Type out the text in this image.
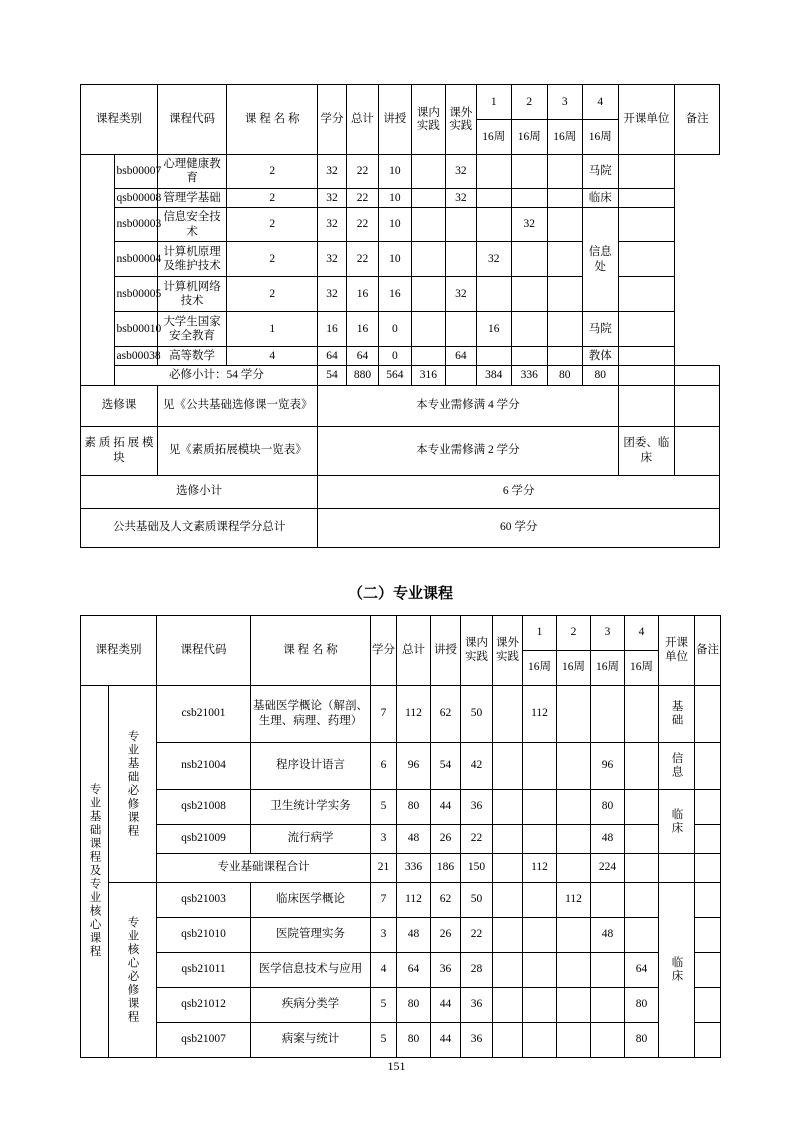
课程类别		课程代码	课 程 名 称	学分	总计	讲授	课内实践	课外实践	1	2	3	4	开课单位	备注
									16周	16周	16周	16周		
	bsb00007	心理健康教育	2	32	22	10		32				马院		
	qsb00008	管理学基础	2	32	22	10		32				临床		
	nsb00003	信息安全技术	2	32	22	10				32		信息处		
	nsb00004	计算机原理及维护技术	2	32	22	10			32					
	nsb00005	计算机网络技术	2	32	16	16		32						
	bsb00010	大学生国家安全教育	1	16	16	0			16			马院		
	asb00038	高等数学	4	64	64	0		64				教体		
	必修小计：54 学分			54	880	564	316		384	336	80	80		
选修课		见《公共基础选修课一览表》		本专业需修满 4 学分										
素 质 拓 展 模 块		见《素质拓展模块一览表》		本专业需修满 2 学分									团委、临床	
选修小计				6 学分										
公共基础及人文素质课程学分总计				60 学分										
（二）专业课程
课程类别		课程代码	课 程 名 称	学分	总计	讲授	课内实践	课外实践	1	2	3	4	开课单位	备注
									16周	16周	16周	16周		

专业基础课程及专业核心课程	专业基础必修课程	csb21001	基础医学概论（解剖、生理、病理、药理）	7	112	62	50		112				基础	

		nsb21004	程序设计语言	6	96	54	42				96		信息	

		qsb21008	卫生统计学实务	5	80	44	36				80		临床	

		qsb21009	流行病学	3	48	26	22				48			
		专业基础课程合计		21	336	186	150		112		224			

	专业核心必修课程	qsb21003	临床医学概论	7	112	62	50			112			临床	

		qsb21010	医院管理实务	3	48	26	22				48			
		qsb21011	医学信息技术与应用	4	64	36	28					64		
		qsb21012	疾病分类学	5	80	44	36					80		
		qsb21007	病案与统计	5	80	44	36					80		
151
